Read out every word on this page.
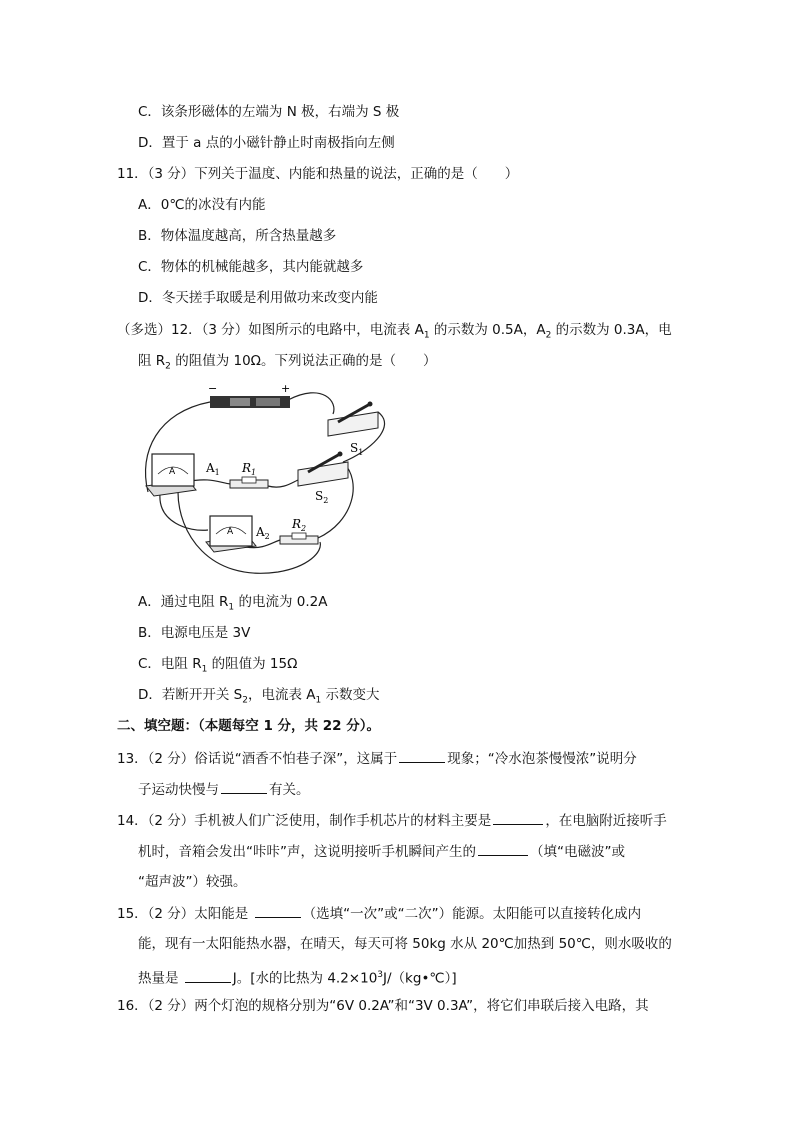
C．该条形磁体的左端为 N 极，右端为 S 极
D．置于 a 点的小磁针静止时南极指向左侧
11．（3 分）下列关于温度、内能和热量的说法，正确的是（　　）
A．0℃的冰没有内能
B．物体温度越高，所含热量越多
C．物体的机械能越多，其内能就越多
D．冬天搓手取暖是利用做功来改变内能
（多选）12．（3 分）如图所示的电路中，电流表 $A_1$ 的示数为 0.5A，$A_2$ 的示数为 0.3A，电
阻 $R_2$ 的阻值为 10Ω。下列说法正确的是（　　）
−	+
$S_1$
$S_2$
A	$A_1$
A $A_2$
$R_1$
$R_2$
A．通过电阻 $R_1$ 的电流为 0.2A
B．电源电压是 3V
C．电阻 $R_1$ 的阻值为 15Ω
D．若断开开关 $S_2$，电流表 $A_1$ 示数变大
二、填空题：（本题每空 1 分，共 22 分）。
13．（2 分）俗话说“酒香不怕巷子深”，这属于	现象；“冷水泡茶慢慢浓”说明分
子运动快慢与	有关。
14．（2 分）手机被人们广泛使用，制作手机芯片的材料主要是	，在电脑附近接听手
机时，音箱会发出“咔咔”声，这说明接听手机瞬间产生的	（填“电磁波”或
“超声波”）较强。
15．（2 分）太阳能是	（选填“一次”或“二次”）能源。太阳能可以直接转化成内
能，现有一太阳能热水器，在晴天，每天可将 50kg 水从 20℃加热到 50℃，则水吸收的
热量是	J。[水的比热为 $4.2\times 10^3J/(kg•℃)$]
16．（2 分）两个灯泡的规格分别为“6V 0.2A”和“3V 0.3A”，将它们串联后接入电路，其
